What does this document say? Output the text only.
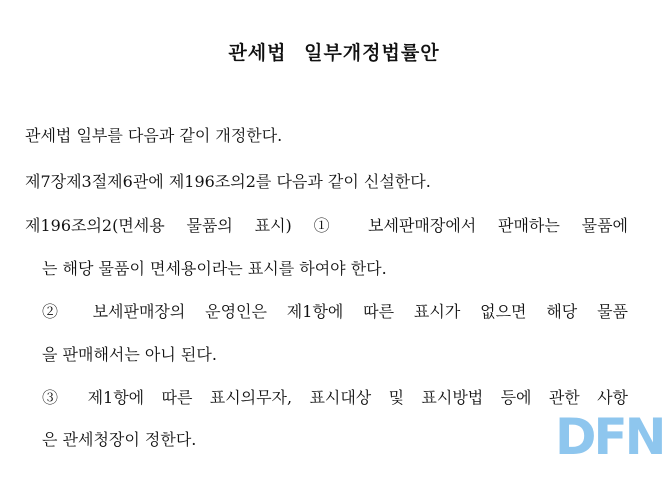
관세법 일부개정법률안
관세법 일부를 다음과 같이 개정한다.
제7장제3절제6관에 제196조의2를 다음과 같이 신설한다.
제196조의2(면세용 물품의 표시) ① 보세판매장에서 판매하는 물품에
는 해당 물품이 면세용이라는 표시를 하여야 한다.
② 보세판매장의 운영인은 제1항에 따른 표시가 없으면 해당 물품
을 판매해서는 아니 된다.
③ 제1항에 따른 표시의무자, 표시대상 및 표시방법 등에 관한 사항
은 관세청장이 정한다.	DFN
